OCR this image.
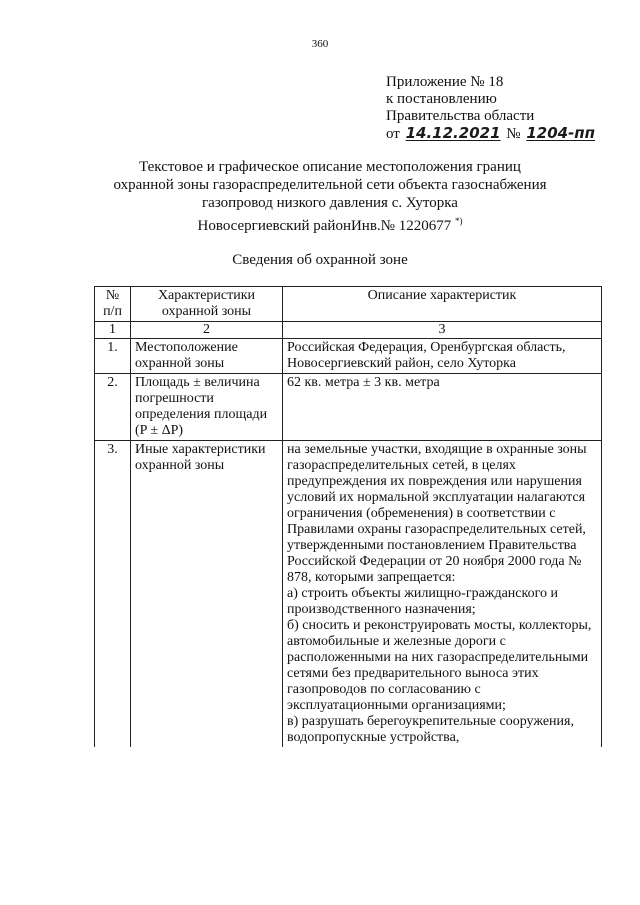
360
Приложение № 18
к постановлению
Правительства области
от 14.12.2021 № 1204-пп
Текстовое и графическое описание местоположения границ
охранной зоны газораспределительной сети объекта газоснабжения
газопровод низкого давления с. Хуторка
Новосергиевский районИнв.№ 1220677 *)
Сведения об охранной зоне
№ п/п	Характеристики охранной зоны	Описание характеристик
1	2	3
1.	Местоположение охранной зоны	Российская Федерация, Оренбургская область, Новосергиевский район, село Хуторка

2.	Площадь ± величина погрешности определения площади (P ± ΔP)	62 кв. метра ± 3 кв. метра

3.	Иные характеристики охранной зоны	на земельные участки, входящие в охранные зоны газораспределительных сетей, в целях предупреждения их повреждения или нарушения условий их нормальной эксплуатации налагаются ограничения (обременения) в соответствии с Правилами охраны газораспределительных сетей, утвержденными постановлением Правительства Российской Федерации от 20 ноября 2000 года № 878, которыми запрещается:
а) строить объекты жилищно-гражданского и производственного назначения;
б) сносить и реконструировать мосты, коллекторы, автомобильные и железные дороги с расположенными на них газораспределительными сетями без предварительного выноса этих газопроводов по согласованию с эксплуатационными организациями;
в) разрушать берегоукрепительные сооружения, водопропускные устройства,
